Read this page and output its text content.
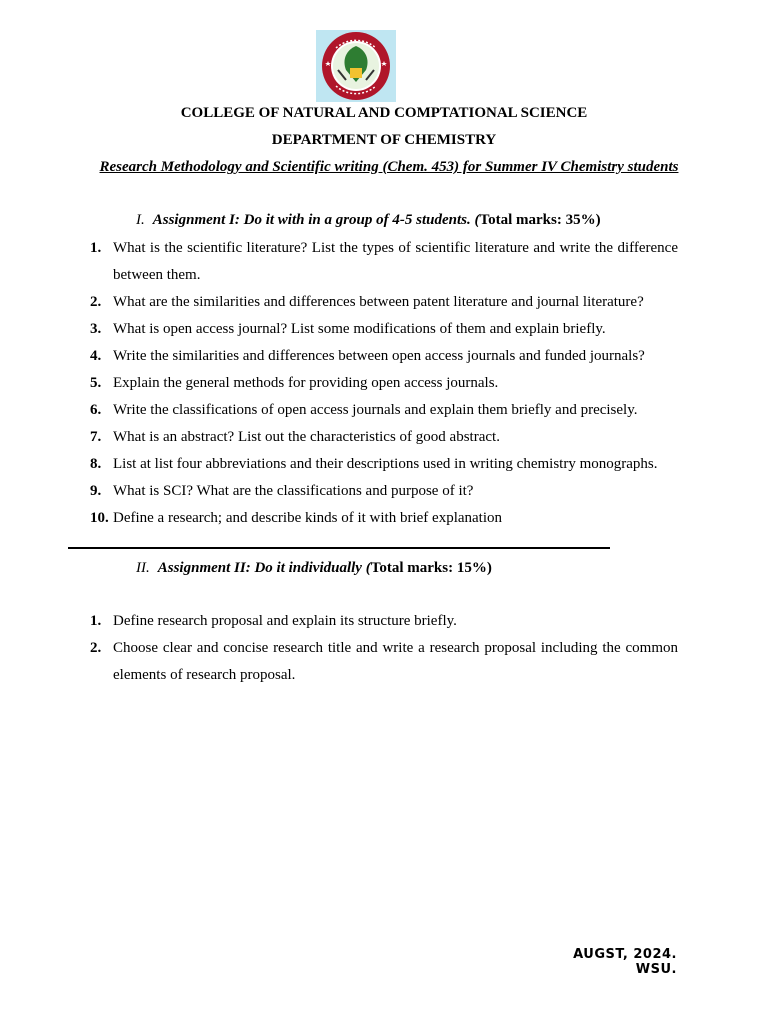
COLLEGE OF NATURAL AND COMPTATIONAL SCIENCE
DEPARTMENT OF CHEMISTRY
Research Methodology and Scientific writing (Chem. 453) for Summer IV Chemistry students
I. Assignment I: Do it with in a group of 4-5 students. (Total marks: 35%)
1. What is the scientific literature? List the types of scientific literature and write the difference between them.
2. What are the similarities and differences between patent literature and journal literature?
3. What is open access journal? List some modifications of them and explain briefly.
4. Write the similarities and differences between open access journals and funded journals?
5. Explain the general methods for providing open access journals.
6. Write the classifications of open access journals and explain them briefly and precisely.
7. What is an abstract? List out the characteristics of good abstract.
8. List at list four abbreviations and their descriptions used in writing chemistry monographs.
9. What is SCI? What are the classifications and purpose of it?
10. Define a research; and describe kinds of it with brief explanation
II. Assignment II: Do it individually (Total marks: 15%)
1. Define research proposal and explain its structure briefly.
2. Choose clear and concise research title and write a research proposal including the common elements of research proposal.
AUGST, 2024.
WSU.
